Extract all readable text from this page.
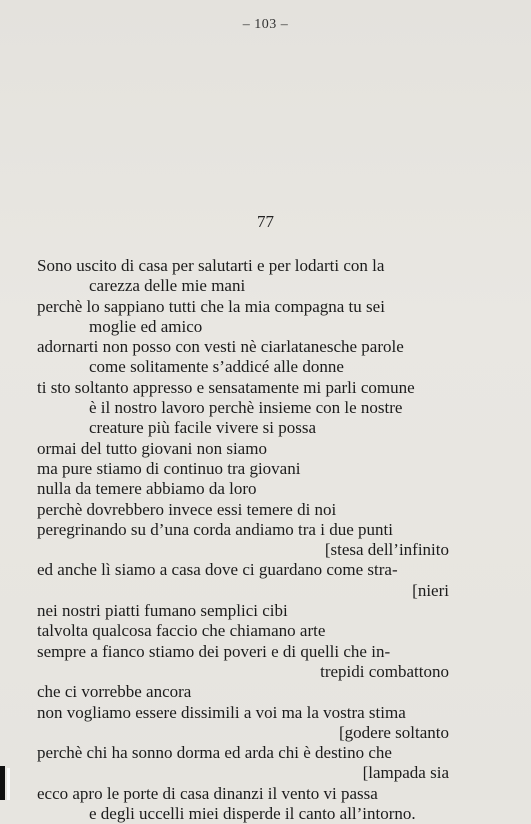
– 103 –
77
Sono uscito di casa per salutarti e per lodarti con la
carezza delle mie mani
perchè lo sappiano tutti che la mia compagna tu sei
moglie ed amico
adornarti non posso con vesti nè ciarlatanesche parole
come solitamente s’addicé alle donne
ti sto soltanto appresso e sensatamente mi parli comune
è il nostro lavoro perchè insieme con le nostre
creature più facile vivere si possa
ormai del tutto giovani non siamo
ma pure stiamo di continuo tra giovani
nulla da temere abbiamo da loro
perchè dovrebbero invece essi temere di noi
peregrinando su d’una corda andiamo tra i due punti
[stesa dell’infinito
ed anche lì siamo a casa dove ci guardano come stra-
[nieri
nei nostri piatti fumano semplici cibi
talvolta qualcosa faccio che chiamano arte
sempre a fianco stiamo dei poveri e di quelli che in-
trepidi combattono
che ci vorrebbe ancora
non vogliamo essere dissimili a voi ma la vostra stima
[godere soltanto
perchè chi ha sonno dorma ed arda chi è destino che
[lampada sia
ecco apro le porte di casa dinanzi il vento vi passa
e degli uccelli miei disperde il canto all’intorno.
